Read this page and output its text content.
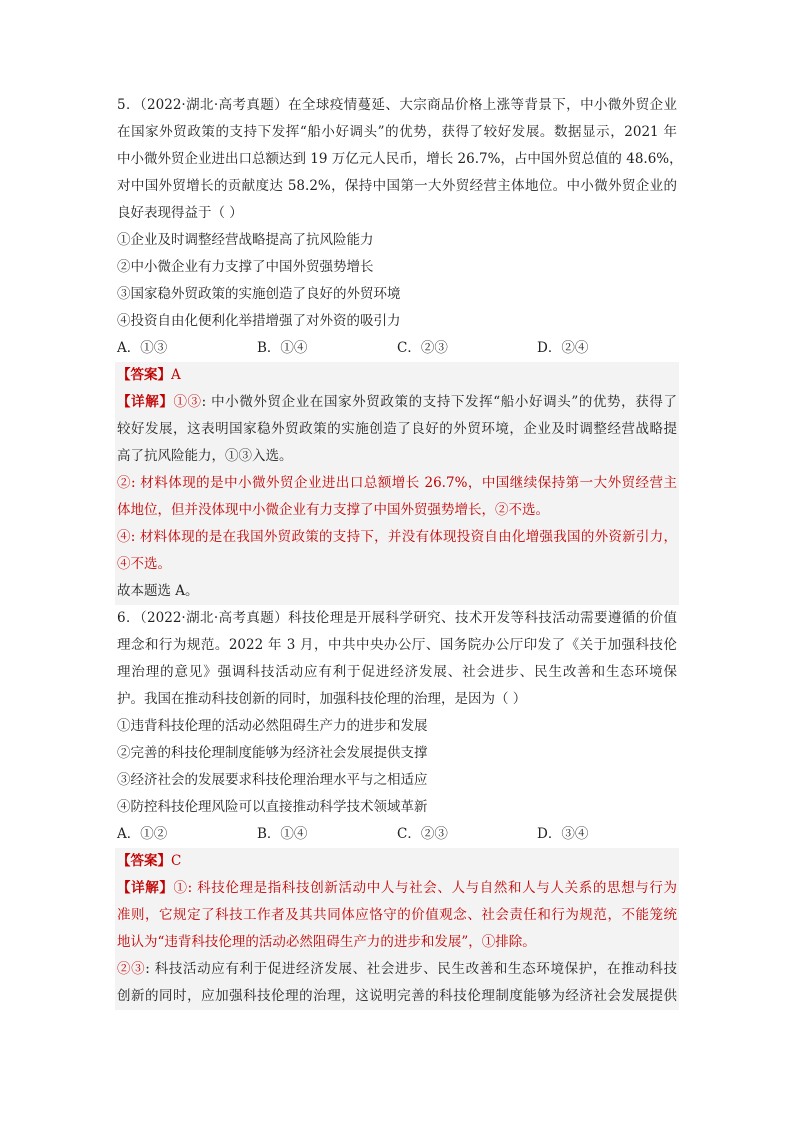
5．（2022·湖北·高考真题）在全球疫情蔓延、大宗商品价格上涨等背景下，中小微外贸企业
在国家外贸政策的支持下发挥“船小好调头”的优势，获得了较好发展。数据显示，2021 年
中小微外贸企业进出口总额达到 19 万亿元人民币，增长 26.7%，占中国外贸总值的 48.6%，
对中国外贸增长的贡献度达 58.2%，保持中国第一大外贸经营主体地位。中小微外贸企业的
良好表现得益于（ ）
①企业及时调整经营战略提高了抗风险能力
②中小微企业有力支撑了中国外贸强势增长
③国家稳外贸政策的实施创造了良好的外贸环境
④投资自由化便利化举措增强了对外资的吸引力
A．①③	B．①④	C．②③	D．②④
【答案】A
【详解】①③: 中小微外贸企业在国家外贸政策的支持下发挥“船小好调头”的优势，获得了
较好发展，这表明国家稳外贸政策的实施创造了良好的外贸环境，企业及时调整经营战略提
高了抗风险能力，①③入选。
②: 材料体现的是中小微外贸企业进出口总额增长 26.7%，中国继续保持第一大外贸经营主
体地位，但并没体现中小微企业有力支撑了中国外贸强势增长，②不选。
④: 材料体现的是在我国外贸政策的支持下，并没有体现投资自由化增强我国的外资新引力，
④不选。
故本题选 A。
6．（2022·湖北·高考真题）科技伦理是开展科学研究、技术开发等科技活动需要遵循的价值
理念和行为规范。2022 年 3 月，中共中央办公厅、国务院办公厅印发了《关于加强科技伦
理治理的意见》强调科技活动应有利于促进经济发展、社会进步、民生改善和生态环境保
护。我国在推动科技创新的同时，加强科技伦理的治理，是因为（ ）
①违背科技伦理的活动必然阻碍生产力的进步和发展
②完善的科技伦理制度能够为经济社会发展提供支撑
③经济社会的发展要求科技伦理治理水平与之相适应
④防控科技伦理风险可以直接推动科学技术领域革新
A．①②	B．①④	C．②③	D．③④
【答案】C
【详解】①: 科技伦理是指科技创新活动中人与社会、人与自然和人与人关系的思想与行为
准则，它规定了科技工作者及其共同体应恪守的价值观念、社会责任和行为规范，不能笼统
地认为“违背科技伦理的活动必然阻碍生产力的进步和发展”，①排除。
②③: 科技活动应有利于促进经济发展、社会进步、民生改善和生态环境保护，在推动科技
创新的同时，应加强科技伦理的治理，这说明完善的科技伦理制度能够为经济社会发展提供
